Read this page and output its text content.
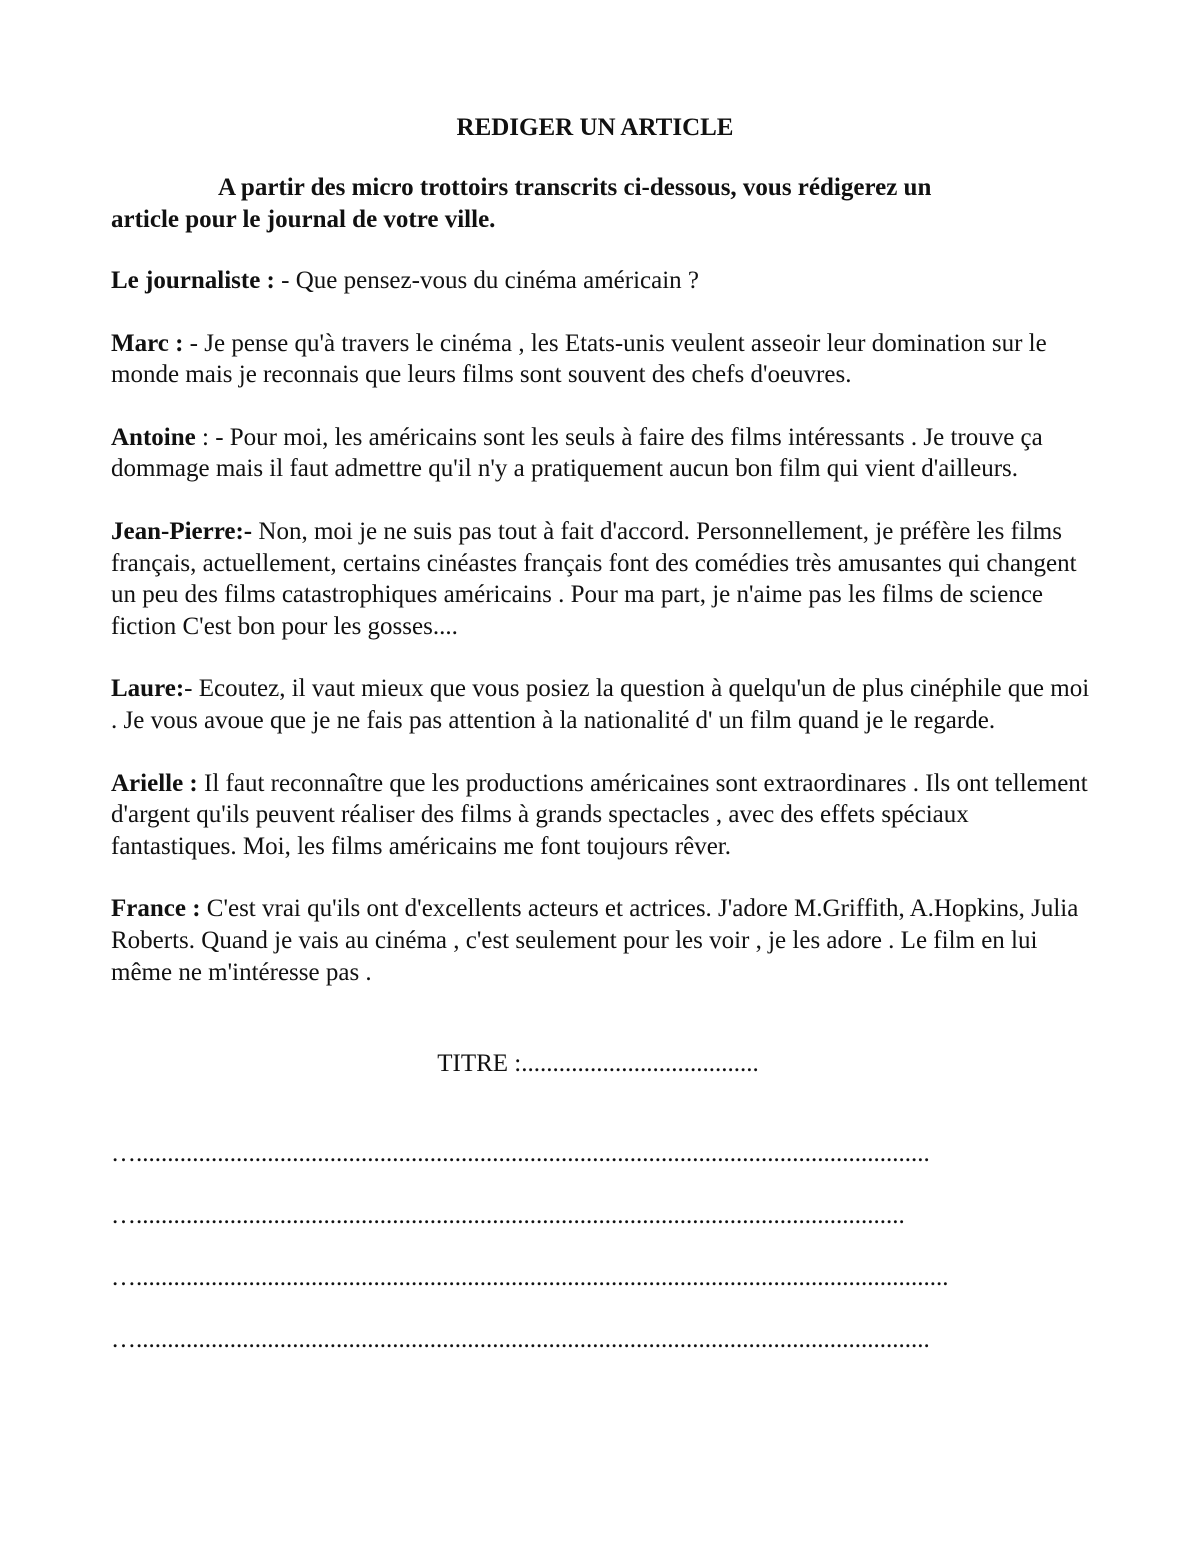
REDIGER UN ARTICLE
A partir des micro trottoirs transcrits ci-dessous, vous rédigerez un
article pour le journal de votre ville.

Le journaliste : - Que pensez-vous du cinéma américain ?

Marc : - Je pense qu'à travers le cinéma , les Etats-unis veulent asseoir leur domination sur le monde mais je reconnais que leurs films sont souvent des chefs d'oeuvres.

Antoine : - Pour moi, les américains sont les seuls à faire des films intéressants . Je trouve ça dommage mais il faut admettre qu'il n'y a pratiquement aucun bon film qui vient d'ailleurs.

Jean-Pierre:- Non, moi je ne suis pas tout à fait d'accord. Personnellement, je préfère les films français, actuellement, certains cinéastes français font des comédies très amusantes qui changent un peu des films catastrophiques américains . Pour ma part, je n'aime pas les films de science fiction C'est bon pour les gosses....

Laure:- Ecoutez, il vaut mieux que vous posiez la question à quelqu'un de plus cinéphile que moi . Je vous avoue que je ne fais pas attention à la nationalité d' un film quand je le regarde.

Arielle : Il faut reconnaître que les productions américaines sont extraordinares . Ils ont tellement d'argent qu'ils peuvent réaliser des films à grands spectacles , avec des effets spéciaux fantastiques. Moi, les films américains me font toujours rêver.

France : C'est vrai qu'ils ont d'excellents acteurs et actrices. J'adore M.Griffith, A.Hopkins, Julia Roberts. Quand je vais au cinéma , c'est seulement pour les voir , je les adore . Le film en lui même ne m'intéresse pas .

TITRE :......................................
…...............................................................................................................................
…...........................................................................................................................
…..................................................................................................................................
…...............................................................................................................................
